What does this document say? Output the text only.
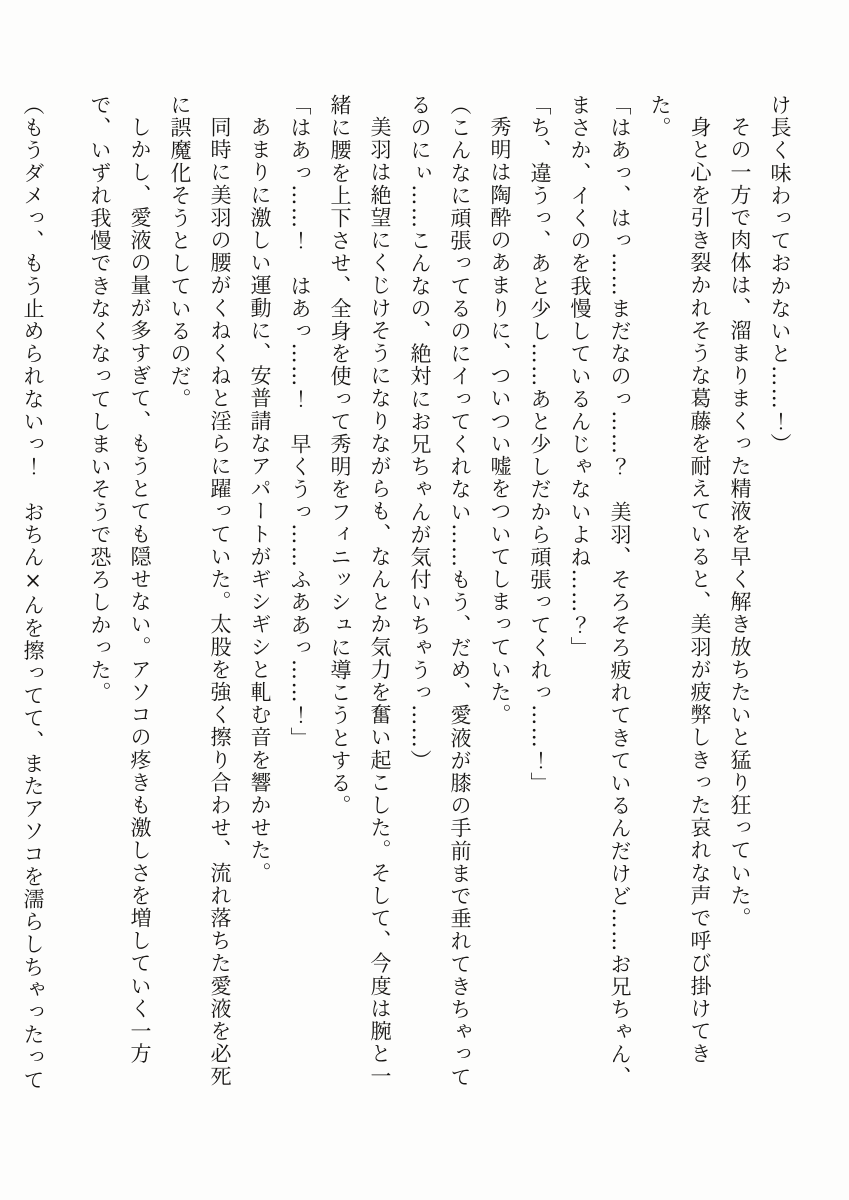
け長く味わっておかないと……！）

その一方で肉体は、溜まりまくった精液を早く解き放ちたいと猛り狂っていた。

身と心を引き裂かれそうな葛藤を耐えていると、美羽が疲弊しきった哀れな声で呼び掛けてきた。

「はあっ、はっ……まだなのっ……？　美羽、そろそろ疲れてきているんだけど……お兄ちゃん、まさか、イくのを我慢しているんじゃないよね……？」

「ち、違うっ、あと少し……あと少しだから頑張ってくれっ……！」

秀明は陶酔のあまりに、ついつい嘘をついてしまっていた。

（こんなに頑張ってるのにイってくれない……もう、だめ、愛液が膝の手前まで垂れてきちゃってるのにぃ……こんなの、絶対にお兄ちゃんが気付いちゃうっ……）

美羽は絶望にくじけそうになりながらも、なんとか気力を奮い起こした。そして、今度は腕と一緒に腰を上下させ、全身を使って秀明をフィニッシュに導こうとする。

「はあっ……！　はあっ……！　早くうっ……ふああっ……！」

あまりに激しい運動に、安普請なアパートがギシギシと軋む音を響かせた。

同時に美羽の腰がくねくねと淫らに躍っていた。太股を強く擦り合わせ、流れ落ちた愛液を必死に誤魔化そうとしているのだ。

しかし、愛液の量が多すぎて、もうとても隠せない。アソコの疼きも激しさを増していく一方で、いずれ我慢できなくなってしまいそうで恐ろしかった。

（もうダメっ、もう止められないっ！　おちん×んを擦ってて、またアソコを濡らしちゃったって
